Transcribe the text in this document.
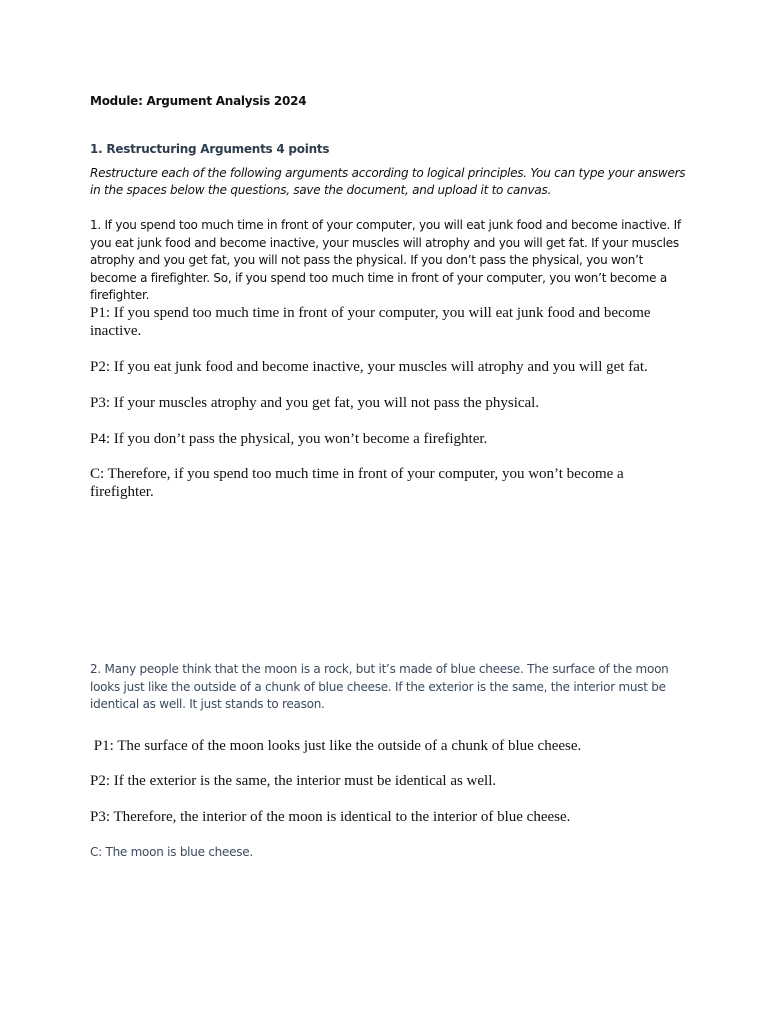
Module: Argument Analysis 2024

1. Restructuring Arguments 4 points

Restructure each of the following arguments according to logical principles. You can type your answers in the spaces below the questions, save the document, and upload it to canvas.

1. If you spend too much time in front of your computer, you will eat junk food and become inactive. If you eat junk food and become inactive, your muscles will atrophy and you will get fat. If your muscles atrophy and you get fat, you will not pass the physical. If you don’t pass the physical, you won’t become a firefighter. So, if you spend too much time in front of your computer, you won’t become a firefighter.

P1: If you spend too much time in front of your computer, you will eat junk food and become inactive.

P2: If you eat junk food and become inactive, your muscles will atrophy and you will get fat.

P3: If your muscles atrophy and you get fat, you will not pass the physical.

P4: If you don’t pass the physical, you won’t become a firefighter.

C: Therefore, if you spend too much time in front of your computer, you won’t become a firefighter.

2. Many people think that the moon is a rock, but it’s made of blue cheese. The surface of the moon looks just like the outside of a chunk of blue cheese. If the exterior is the same, the interior must be identical as well. It just stands to reason.

P1: The surface of the moon looks just like the outside of a chunk of blue cheese.

P2: If the exterior is the same, the interior must be identical as well.

P3: Therefore, the interior of the moon is identical to the interior of blue cheese.

C: The moon is blue cheese.
